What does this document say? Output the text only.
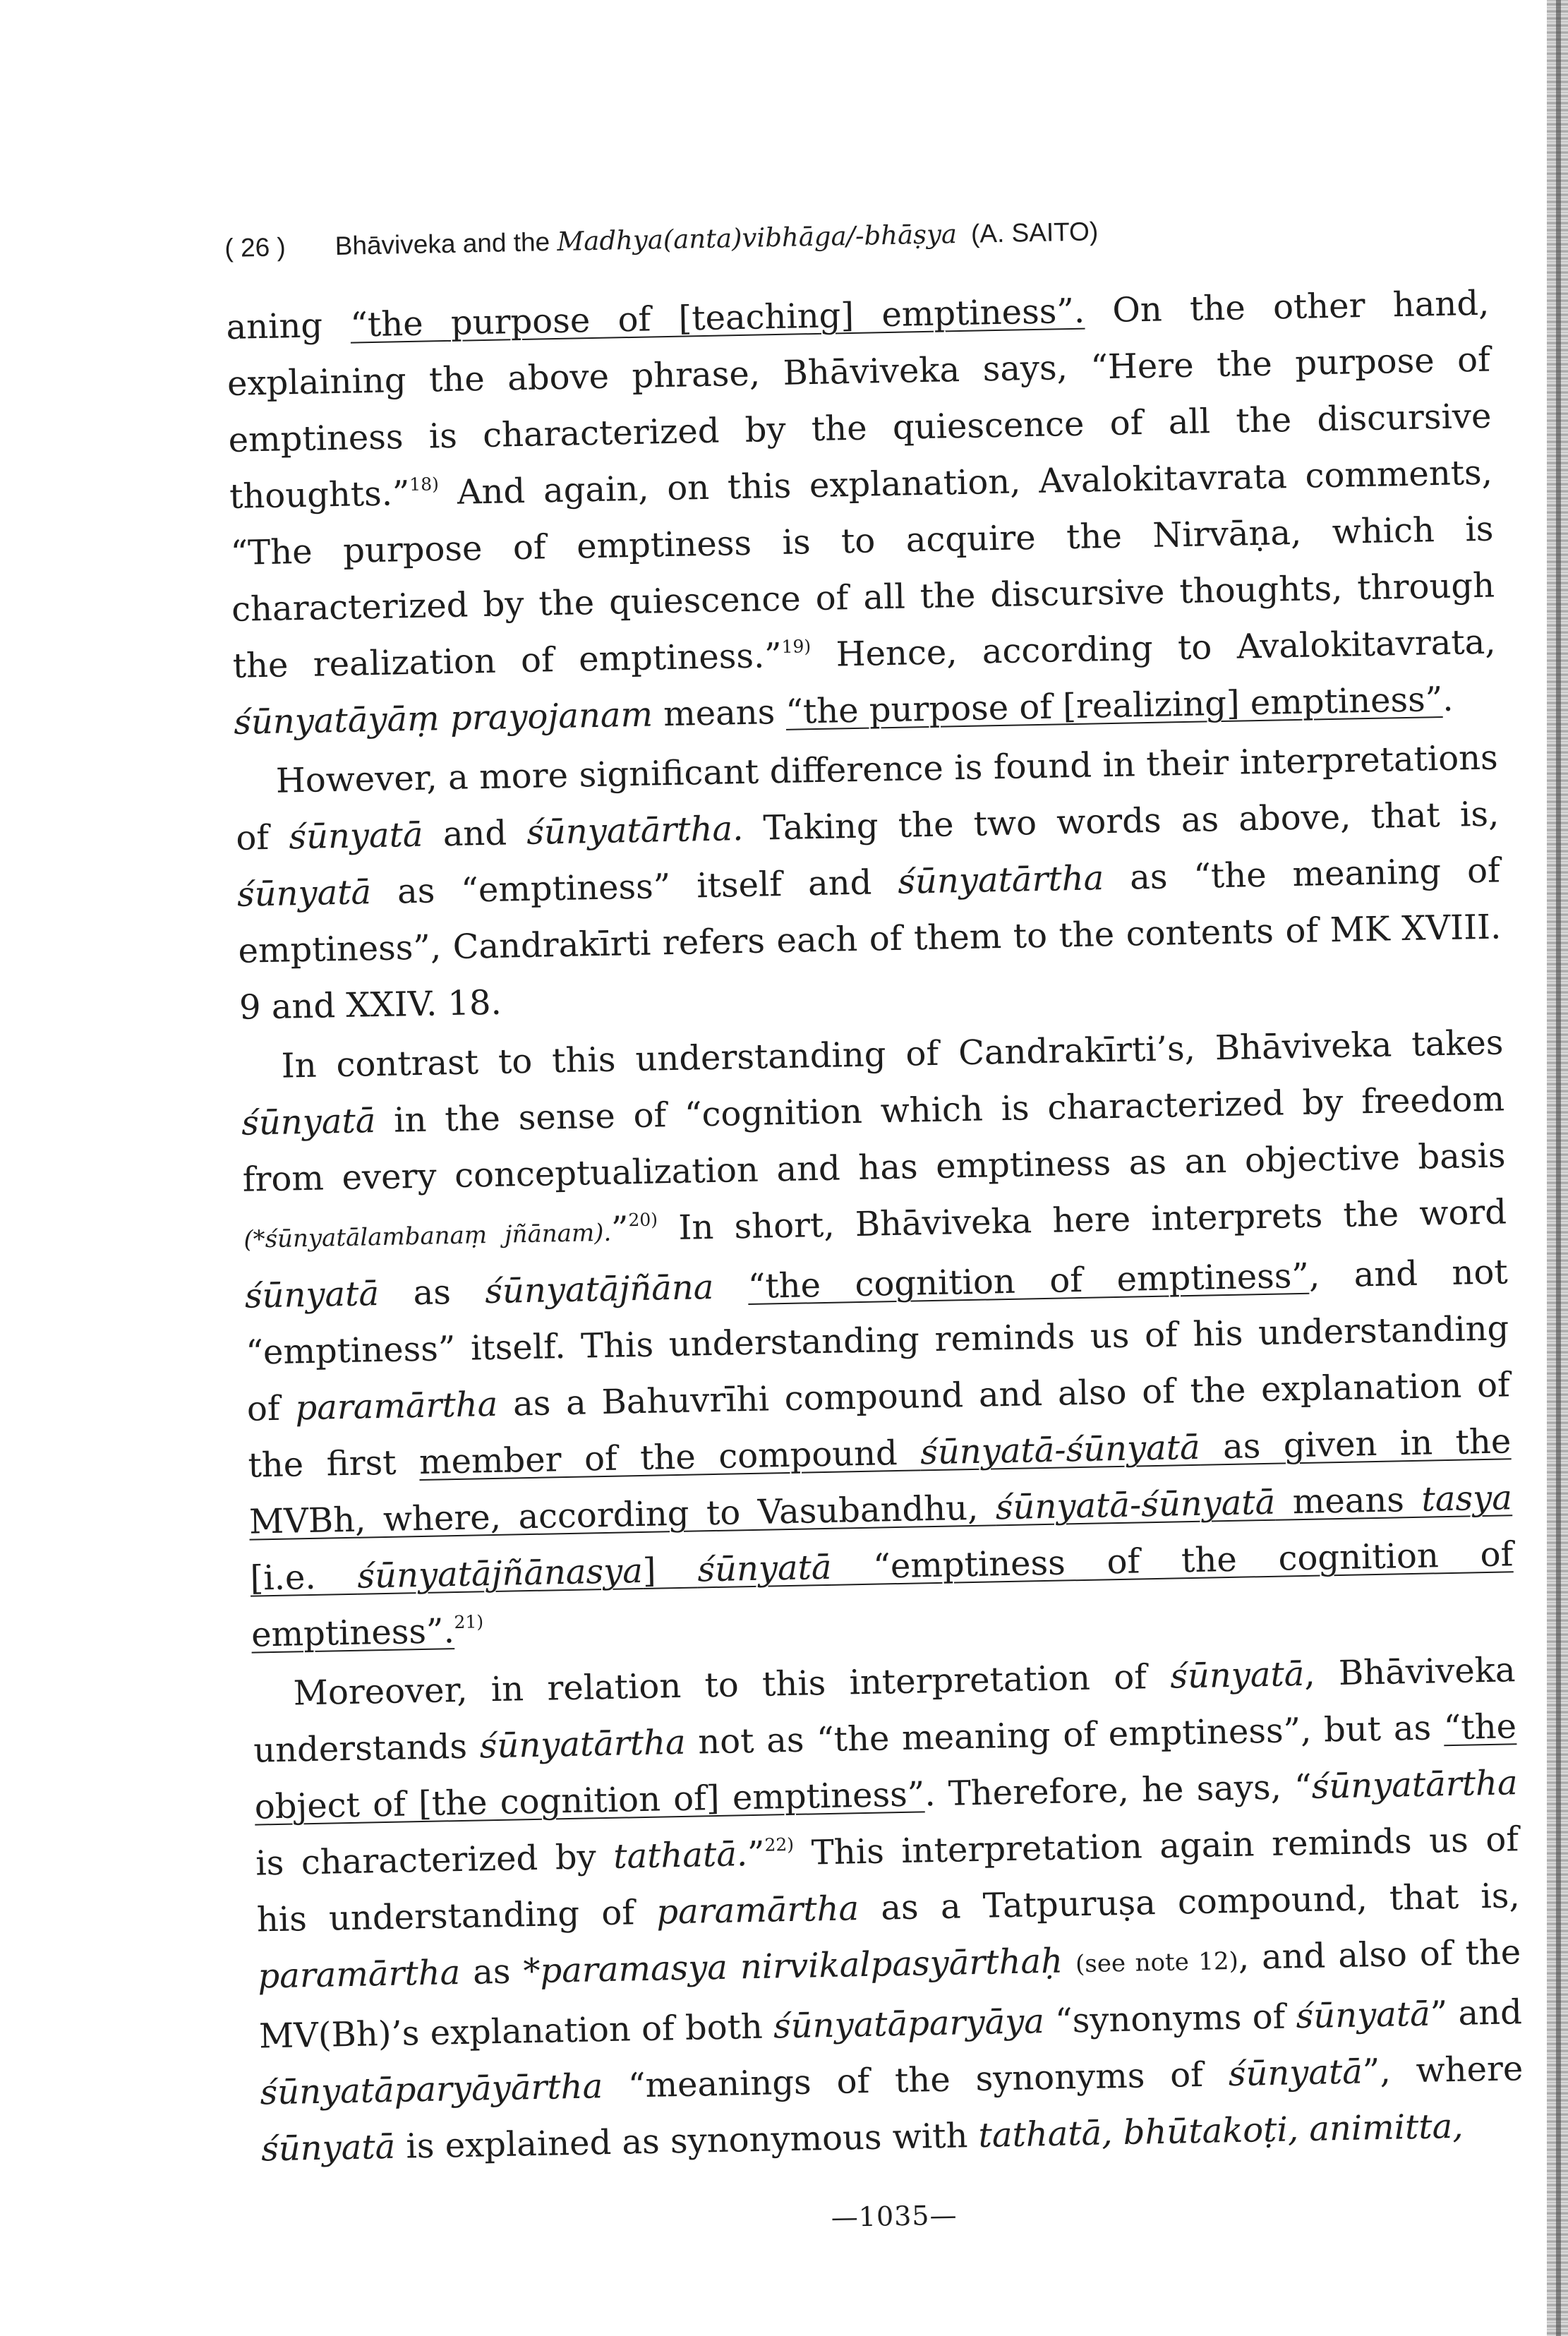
( 26 ) Bhāviveka and the Madhya(anta)vibhāga/-bhāṣya (A. SAITO)

aning “the purpose of [teaching] emptiness”. On the other hand, explaining the above phrase, Bhāviveka says, “Here the purpose of emptiness is characterized by the quiescence of all the discursive thoughts.”$^{18)}$ And again, on this explanation, Avalokitavrata comments, “The purpose of emptiness is to acquire the Nirvāṇa, which is characterized by the quiescence of all the discursive thoughts, through the realization of emptiness.”$^{19)}$ Hence, according to Avalokitavrata, śūnyatāyāṃ prayojanam means “the purpose of [realizing] emptiness”.

However, a more significant difference is found in their interpretations of śūnyatā and śūnyatārtha. Taking the two words as above, that is, śūnyatā as “emptiness” itself and śūnyatārtha as “the meaning of emptiness”, Candrakīrti refers each of them to the contents of MK XVIII. 9 and XXIV. 18.

In contrast to this understanding of Candrakīrti’s, Bhāviveka takes śūnyatā in the sense of “cognition which is characterized by freedom from every conceptualization and has emptiness as an objective basis (*śūnyatālambanaṃ jñānam).”$^{20)}$ In short, Bhāviveka here interprets the word śūnyatā as śūnyatājñāna “the cognition of emptiness”, and not “emptiness” itself. This understanding reminds us of his understanding of paramārtha as a Bahuvrīhi compound and also of the explanation of the first member of the compound śūnyatā-śūnyatā as given in the MVBh, where, according to Vasubandhu, śūnyatā-śūnyatā means tasya [i.e. śūnyatājñānasya] śūnyatā “emptiness of the cognition of emptiness”.$^{21)}$

Moreover, in relation to this interpretation of śūnyatā, Bhāviveka understands śūnyatārtha not as “the meaning of emptiness”, but as “the object of [the cognition of] emptiness”. Therefore, he says, “śūnyatārtha is characterized by tathatā.”$^{22)}$ This interpretation again reminds us of his understanding of paramārtha as a Tatpuruṣa compound, that is, paramārtha as *paramasya nirvikalpasyārthaḥ (see note 12), and also of the MV(Bh)’s explanation of both śūnyatāparyāya “synonyms of śūnyatā” and śūnyatāparyāyārtha “meanings of the synonyms of śūnyatā”, where śūnyatā is explained as synonymous with tathatā, bhūtakoṭi, animitta,

—1035—
